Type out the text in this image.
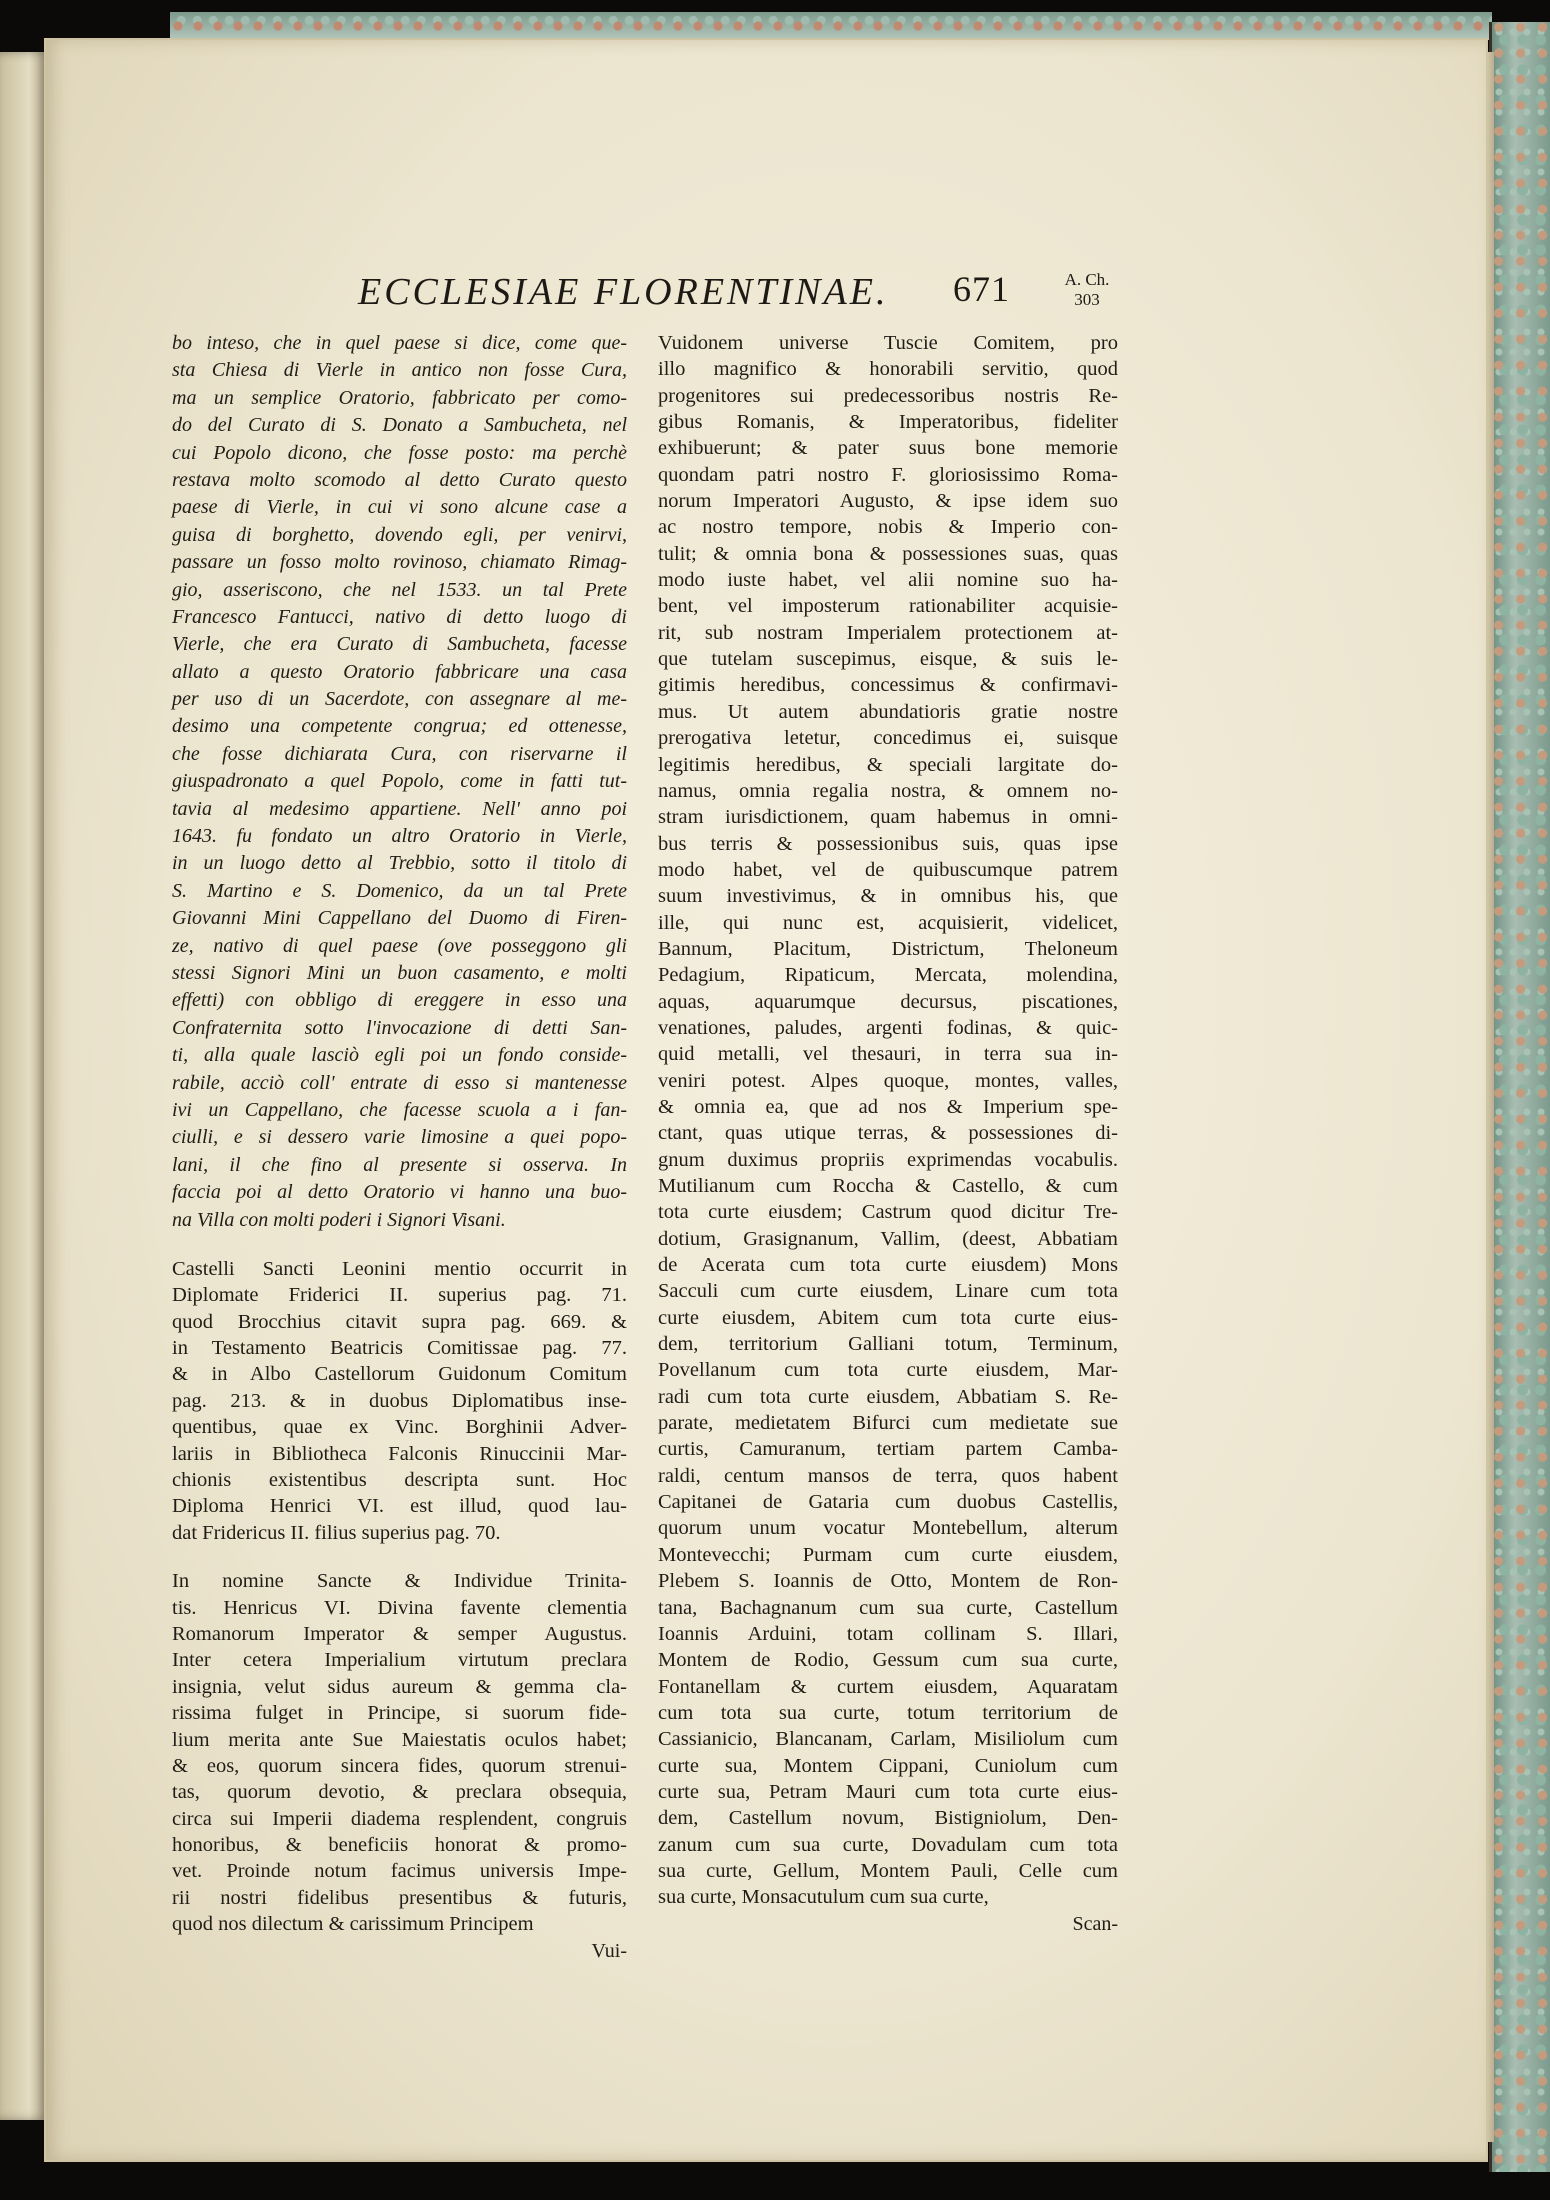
ECCLESIAE FLORENTINAE. 671	A. Ch.
303
bo inteso, che in quel paese si dice, come que-
sta Chiesa di Vierle in antico non fosse Cura,
ma un semplice Oratorio, fabbricato per como-
do del Curato di S. Donato a Sambucheta, nel
cui Popolo dicono, che fosse posto: ma perchè
restava molto scomodo al detto Curato questo
paese di Vierle, in cui vi sono alcune case a
guisa di borghetto, dovendo egli, per venirvi,
passare un fosso molto rovinoso, chiamato Rimag-
gio, asseriscono, che nel 1533. un tal Prete
Francesco Fantucci, nativo di detto luogo di
Vierle, che era Curato di Sambucheta, facesse
allato a questo Oratorio fabbricare una casa
per uso di un Sacerdote, con assegnare al me-
desimo una competente congrua; ed ottenesse,
che fosse dichiarata Cura, con riservarne il
giuspadronato a quel Popolo, come in fatti tut-
tavia al medesimo appartiene. Nell' anno poi
1643. fu fondato un altro Oratorio in Vierle,
in un luogo detto al Trebbio, sotto il titolo di
S. Martino e S. Domenico, da un tal Prete
Giovanni Mini Cappellano del Duomo di Firen-
ze, nativo di quel paese (ove posseggono gli
stessi Signori Mini un buon casamento, e molti
effetti) con obbligo di ereggere in esso una
Confraternita sotto l'invocazione di detti San-
ti, alla quale lasciò egli poi un fondo conside-
rabile, acciò coll' entrate di esso si mantenesse
ivi un Cappellano, che facesse scuola a i fan-
ciulli, e si dessero varie limosine a quei popo-
lani, il che fino al presente si osserva. In
faccia poi al detto Oratorio vi hanno una buo-
na Villa con molti poderi i Signori Visani.
Castelli Sancti Leonini mentio occurrit in
Diplomate Friderici II. superius pag. 71.
quod Brocchius citavit supra pag. 669. &
in Testamento Beatricis Comitissae pag. 77.
& in Albo Castellorum Guidonum Comitum
pag. 213. & in duobus Diplomatibus inse-
quentibus, quae ex Vinc. Borghinii Adver-
lariis in Bibliotheca Falconis Rinuccinii Mar-
chionis existentibus descripta sunt. Hoc
Diploma Henrici VI. est illud, quod lau-
dat Fridericus II. filius superius pag. 70.
In nomine Sancte & Individue Trinita-
tis. Henricus VI. Divina favente clementia
Romanorum Imperator & semper Augustus.
Inter cetera Imperialium virtutum preclara
insignia, velut sidus aureum & gemma cla-
rissima fulget in Principe, si suorum fide-
lium merita ante Sue Maiestatis oculos habet;
& eos, quorum sincera fides, quorum strenui-
tas, quorum devotio, & preclara obsequia,
circa sui Imperii diadema resplendent, congruis
honoribus, & beneficiis honorat & promo-
vet. Proinde notum facimus universis Impe-
rii nostri fidelibus presentibus & futuris,
quod nos dilectum & carissimum Principem
Vui-
Vuidonem universe Tuscie Comitem, pro
illo magnifico & honorabili servitio, quod
progenitores sui predecessoribus nostris Re-
gibus Romanis, & Imperatoribus, fideliter
exhibuerunt; & pater suus bone memorie
quondam patri nostro F. gloriosissimo Roma-
norum Imperatori Augusto, & ipse idem suo
ac nostro tempore, nobis & Imperio con-
tulit; & omnia bona & possessiones suas, quas
modo iuste habet, vel alii nomine suo ha-
bent, vel imposterum rationabiliter acquisie-
rit, sub nostram Imperialem protectionem at-
que tutelam suscepimus, eisque, & suis le-
gitimis heredibus, concessimus & confirmavi-
mus. Ut autem abundatioris gratie nostre
prerogativa letetur, concedimus ei, suisque
legitimis heredibus, & speciali largitate do-
namus, omnia regalia nostra, & omnem no-
stram iurisdictionem, quam habemus in omni-
bus terris & possessionibus suis, quas ipse
modo habet, vel de quibuscumque patrem
suum investivimus, & in omnibus his, que
ille, qui nunc est, acquisierit, videlicet,
Bannum, Placitum, Districtum, Theloneum
Pedagium, Ripaticum, Mercata, molendina,
aquas, aquarumque decursus, piscationes,
venationes, paludes, argenti fodinas, & quic-
quid metalli, vel thesauri, in terra sua in-
veniri potest. Alpes quoque, montes, valles,
& omnia ea, que ad nos & Imperium spe-
ctant, quas utique terras, & possessiones di-
gnum duximus propriis exprimendas vocabulis.
Mutilianum cum Roccha & Castello, & cum
tota curte eiusdem; Castrum quod dicitur Tre-
dotium, Grasignanum, Vallim, (deest, Abbatiam
de Acerata cum tota curte eiusdem) Mons
Sacculi cum curte eiusdem, Linare cum tota
curte eiusdem, Abitem cum tota curte eius-
dem, territorium Galliani totum, Terminum,
Povellanum cum tota curte eiusdem, Mar-
radi cum tota curte eiusdem, Abbatiam S. Re-
parate, medietatem Bifurci cum medietate sue
curtis, Camuranum, tertiam partem Camba-
raldi, centum mansos de terra, quos habent
Capitanei de Gataria cum duobus Castellis,
quorum unum vocatur Montebellum, alterum
Montevecchi; Purmam cum curte eiusdem,
Plebem S. Ioannis de Otto, Montem de Ron-
tana, Bachagnanum cum sua curte, Castellum
Ioannis Arduini, totam collinam S. Illari,
Montem de Rodio, Gessum cum sua curte,
Fontanellam & curtem eiusdem, Aquaratam
cum tota sua curte, totum territorium de
Cassianicio, Blancanam, Carlam, Misiliolum cum
curte sua, Montem Cippani, Cuniolum cum
curte sua, Petram Mauri cum tota curte eius-
dem, Castellum novum, Bistigniolum, Den-
zanum cum sua curte, Dovadulam cum tota
sua curte, Gellum, Montem Pauli, Celle cum
sua curte, Monsacutulum cum sua curte,
Scan-
